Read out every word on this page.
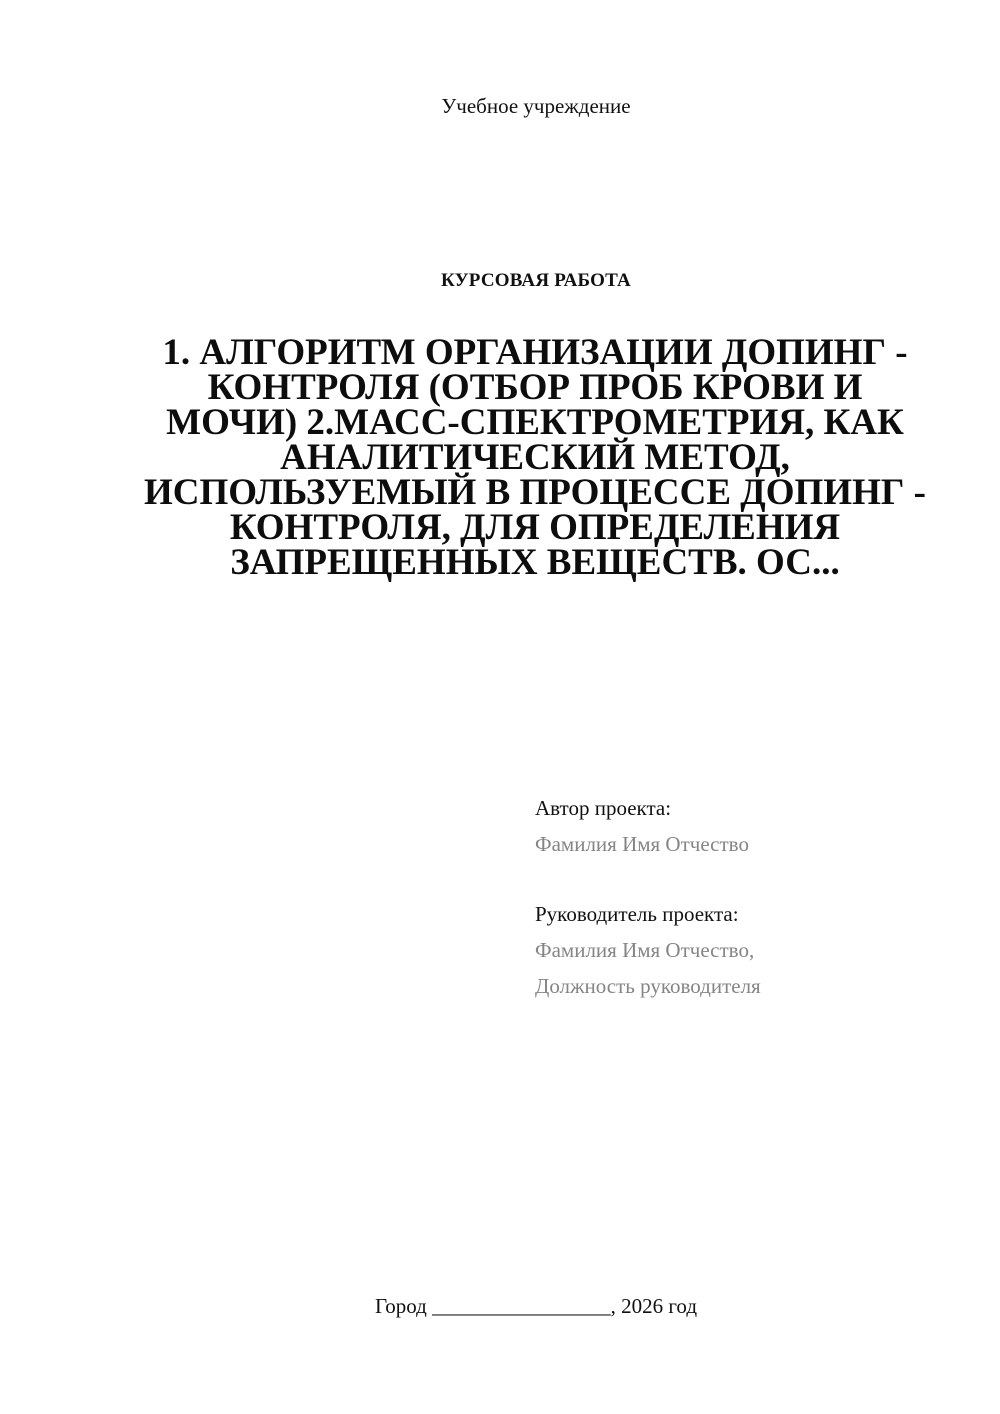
Учебное учреждение
КУРСОВАЯ РАБОТА
1. АЛГОРИТМ ОРГАНИЗАЦИИ ДОПИНГ - КОНТРОЛЯ (ОТБОР ПРОБ КРОВИ И МОЧИ) 2.МАСС-СПЕКТРОМЕТРИЯ, КАК АНАЛИТИЧЕСКИЙ МЕТОД, ИСПОЛЬЗУЕМЫЙ В ПРОЦЕССЕ ДОПИНГ - КОНТРОЛЯ, ДЛЯ ОПРЕДЕЛЕНИЯ ЗАПРЕЩЕННЫХ ВЕЩЕСТВ. ОС...
Автор проекта:
Фамилия Имя Отчество
Руководитель проекта:
Фамилия Имя Отчество,
Должность руководителя
Город _________________, 2026 год
